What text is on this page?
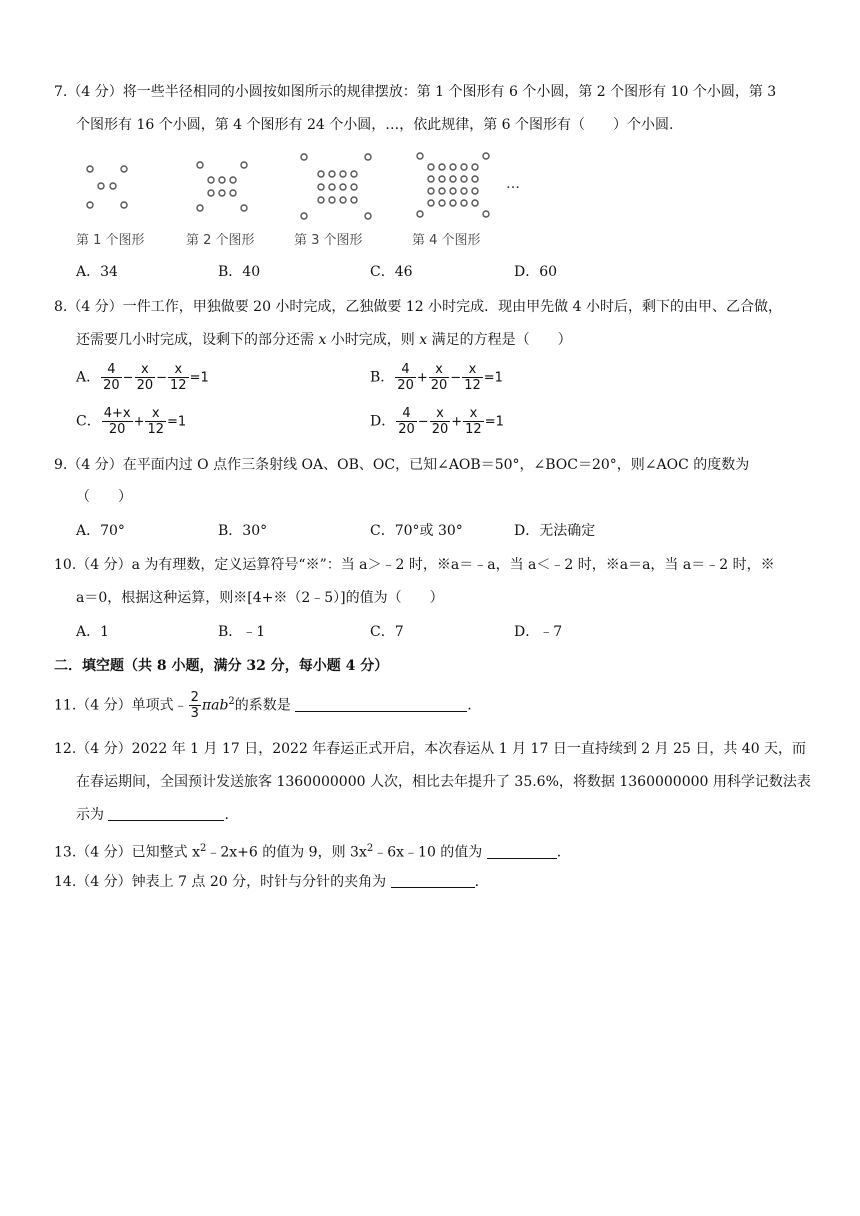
7.（4 分）将一些半径相同的小圆按如图所示的规律摆放：第 1 个图形有 6 个小圆，第 2 个图形有 10 个小圆，第 3
个图形有 16 个小圆，第 4 个图形有 24 个小圆，…，依此规律，第 6 个图形有（　　）个小圆.
第 1 个图形	第 2 个图形	第 3 个图形	第 4 个图形
…
A．34	B．40	C．46	D．60
8.（4 分）一件工作，甲独做要 20 小时完成，乙独做要 12 小时完成．现由甲先做 4 小时后，剩下的由甲、乙合做，
还需要几小时完成，设剩下的部分还需 x 小时完成，则 x 满足的方程是（　　）
A． $\frac{4}{20} - \frac{x}{20} - \frac{x}{12} =1$	B． $\frac{4}{20} + \frac{x}{20} - \frac{x}{12} =1$
C． $\frac{4+x}{20} + \frac{x}{12} =1$	D． $\frac{4}{20} - \frac{x}{20} + \frac{x}{12} =1$
9.（4 分）在平面内过 O 点作三条射线 OA、OB、OC，已知∠AOB＝50°，∠BOC＝20°，则∠AOC 的度数为
（　　）
A．70°	B．30°	C．70°或 30°	D．无法确定
10.（4 分）a 为有理数，定义运算符号“※”：当 a＞﹣2 时，※a＝﹣a，当 a＜﹣2 时，※a＝a，当 a＝﹣2 时，※
a＝0，根据这种运算，则※[4+※（2﹣5）]的值为（　　）
A．1	B．﹣1	C．7	D．﹣7
二．填空题（共 8 小题，满分 32 分，每小题 4 分）
11.（4 分）单项式﹣ $\frac{2}{3} \pi ab^2$的系数是	.
12.（4 分）2022 年 1 月 17 日，2022 年春运正式开启，本次春运从 1 月 17 日一直持续到 2 月 25 日，共 40 天，而
在春运期间，全国预计发送旅客 1360000000 人次，相比去年提升了 35.6%，将数据 1360000000 用科学记数法表
示为	.
13.（4 分）已知整式 $x^2﹣2x+6$ 的值为 9，则 $3x^2﹣6x﹣10$ 的值为	.
14.（4 分）钟表上 7 点 20 分，时针与分针的夹角为	.
